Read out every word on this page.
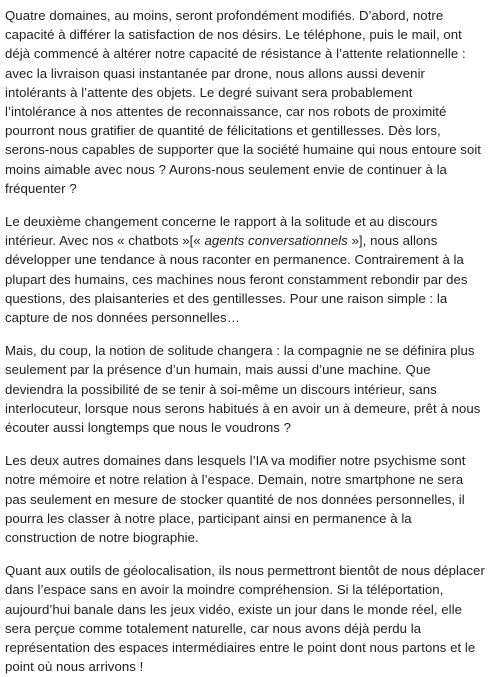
Quatre domaines, au moins, seront profondément modifiés. D’abord, notre capacité à différer la satisfaction de nos désirs. Le téléphone, puis le mail, ont déjà commencé à altérer notre capacité de résistance à l’attente relationnelle : avec la livraison quasi instantanée par drone, nous allons aussi devenir intolérants à l’attente des objets. Le degré suivant sera probablement l’intolérance à nos attentes de reconnaissance, car nos robots de proximité pourront nous gratifier de quantité de félicitations et gentillesses. Dès lors, serons-nous capables de supporter que la société humaine qui nous entoure soit moins aimable avec nous ? Aurons-nous seulement envie de continuer à la fréquenter ?

Le deuxième changement concerne le rapport à la solitude et au discours intérieur. Avec nos « chatbots »[« agents conversationnels »], nous allons développer une tendance à nous raconter en permanence. Contrairement à la plupart des humains, ces machines nous feront constamment rebondir par des questions, des plaisanteries et des gentillesses. Pour une raison simple : la capture de nos données personnelles…

Mais, du coup, la notion de solitude changera : la compagnie ne se définira plus seulement par la présence d’un humain, mais aussi d’une machine. Que deviendra la possibilité de se tenir à soi-même un discours intérieur, sans interlocuteur, lorsque nous serons habitués à en avoir un à demeure, prêt à nous écouter aussi longtemps que nous le voudrons ?

Les deux autres domaines dans lesquels l’IA va modifier notre psychisme sont notre mémoire et notre relation à l’espace. Demain, notre smartphone ne sera pas seulement en mesure de stocker quantité de nos données personnelles, il pourra les classer à notre place, participant ainsi en permanence à la construction de notre biographie.

Quant aux outils de géolocalisation, ils nous permettront bientôt de nous déplacer dans l’espace sans en avoir la moindre compréhension. Si la téléportation, aujourd’hui banale dans les jeux vidéo, existe un jour dans le monde réel, elle sera perçue comme totalement naturelle, car nous avons déjà perdu la représentation des espaces intermédiaires entre le point dont nous partons et le point où nous arrivons !
